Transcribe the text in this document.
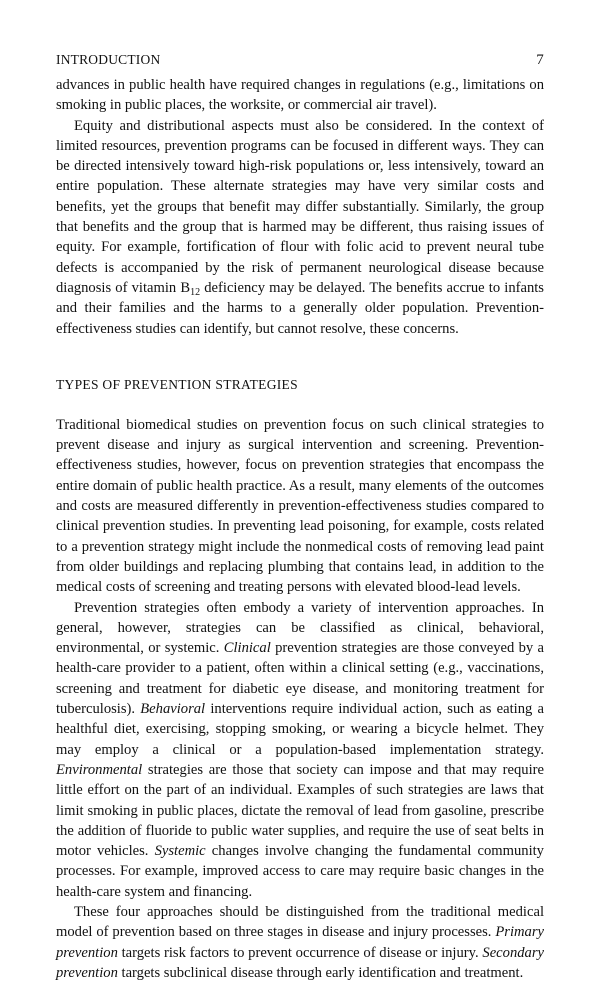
INTRODUCTION	7

advances in public health have required changes in regulations (e.g., limitations on smoking in public places, the worksite, or commercial air travel).

Equity and distributional aspects must also be considered. In the context of limited resources, prevention programs can be focused in different ways. They can be directed intensively toward high-risk populations or, less intensively, toward an entire population. These alternate strategies may have very similar costs and benefits, yet the groups that benefit may differ substantially. Similarly, the group that benefits and the group that is harmed may be different, thus raising issues of equity. For example, fortification of flour with folic acid to prevent neural tube defects is accompanied by the risk of permanent neurological disease because diagnosis of vitamin $B_{12}$ deficiency may be delayed. The benefits accrue to infants and their families and the harms to a generally older population. Prevention-effectiveness studies can identify, but cannot resolve, these concerns.

TYPES OF PREVENTION STRATEGIES

Traditional biomedical studies on prevention focus on such clinical strategies to prevent disease and injury as surgical intervention and screening. Prevention-effectiveness studies, however, focus on prevention strategies that encompass the entire domain of public health practice. As a result, many elements of the outcomes and costs are measured differently in prevention-effectiveness studies compared to clinical prevention studies. In preventing lead poisoning, for example, costs related to a prevention strategy might include the nonmedical costs of removing lead paint from older buildings and replacing plumbing that contains lead, in addition to the medical costs of screening and treating persons with elevated blood-lead levels.

Prevention strategies often embody a variety of intervention approaches. In general, however, strategies can be classified as clinical, behavioral, environmental, or systemic. Clinical prevention strategies are those conveyed by a health-care provider to a patient, often within a clinical setting (e.g., vaccinations, screening and treatment for diabetic eye disease, and monitoring treatment for tuberculosis). Behavioral interventions require individual action, such as eating a healthful diet, exercising, stopping smoking, or wearing a bicycle helmet. They may employ a clinical or a population-based implementation strategy. Environmental strategies are those that society can impose and that may require little effort on the part of an individual. Examples of such strategies are laws that limit smoking in public places, dictate the removal of lead from gasoline, prescribe the addition of fluoride to public water supplies, and require the use of seat belts in motor vehicles. Systemic changes involve changing the fundamental community processes. For example, improved access to care may require basic changes in the health-care system and financing.

These four approaches should be distinguished from the traditional medical model of prevention based on three stages in disease and injury processes. Primary prevention targets risk factors to prevent occurrence of disease or injury. Secondary prevention targets subclinical disease through early identification and treatment.
